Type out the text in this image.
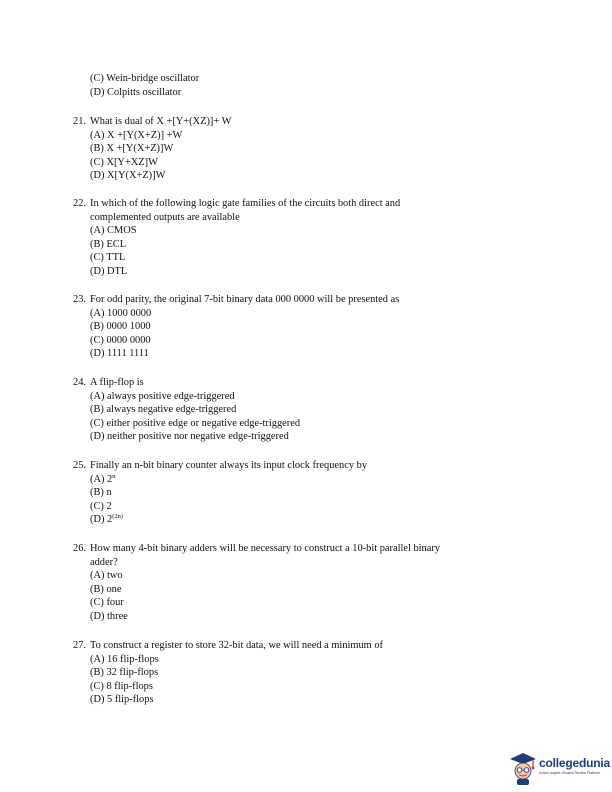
(C) Wein-bridge oscillator
(D) Colpitts oscillator
21. What is dual of X +[Y+(XZ)]+ W
(A) X +[Y(X+Z)] +W
(B) X +[Y(X+Z)]W
(C) X[Y+XZ]W
(D) X[Y(X+Z)]W
22. In which of the following logic gate families of the circuits both direct and
complemented outputs are available
(A) CMOS
(B) ECL
(C) TTL
(D) DTL
23. For odd parity, the original 7-bit binary data 000 0000 will be presented as
(A) 1000 0000
(B) 0000 1000
(C) 0000 0000
(D) 1111 1111
24. A flip-flop is
(A) always positive edge-triggered
(B) always negative edge-triggered
(C) either positive edge or negative edge-triggered
(D) neither positive nor negative edge-triggered
25. Finally an n-bit binary counter always its input clock frequency by
(A) 2$^n$
(B) n
(C) 2
(D) $2^{(2n)}$
26. How many 4-bit binary adders will be necessary to construct a 10-bit parallel binary
adder?
(A) two
(B) one
(C) four
(D) three
27. To construct a register to store 32-bit data, we will need a minimum of
(A) 16 flip-flops
(B) 32 flip-flops
(C) 8 flip-flops
(D) 5 flip-flops
collegedunia
India's largest Student Review Platform
